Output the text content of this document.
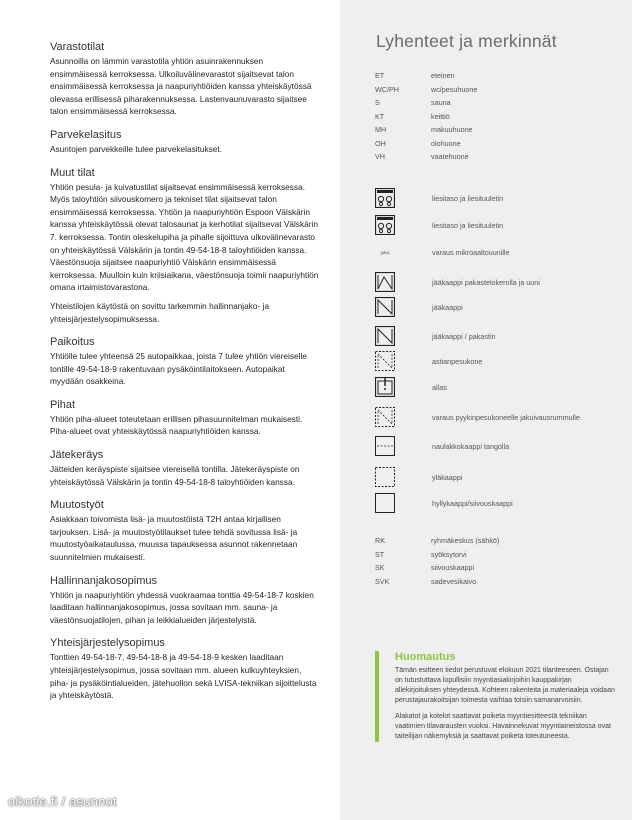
Varastotilat

Asunnoilla on lämmin varastotila yhtiön asuinrakennuksen ensimmäisessä kerroksessa. Ulkoiluvälinevarastot sijaitsevat talon ensimmäisessä kerroksessa ja naapuriyhtiöiden kanssa yhteiskäytössä olevassa erillisessä piharakennuksessa. Lastenvaunuvarasto sijaitsee talon ensimmäisessä kerroksessa.

Parvekelasitus

Asuntojen parvekkeille tulee parvekelasitukset.

Muut tilat

Yhtiön pesula- ja kuivatustilat sijaitsevat ensimmäisessä kerroksessa. Myös taloyhtiön siivouskomero ja tekniset tilat sijaitsevat talon ensimmäisessä kerroksessa. Yhtiön ja naapuriyhtiön Espoon Välskärin kanssa yhteiskäytössä olevat talosaunat ja kerhotilat sijaitsevat Välskärin 7. kerroksessa. Tontin oleskelupiha ja pihalle sijoittuva ulkovälinevarasto on yhteiskäytössä Välskärin ja tontin 49-54-18-8 taloyhtiöiden kanssa. Väestönsuoja sijaitsee naapuriyhtiö Välskärin ensimmäisessä kerroksessa. Muulloin kuin kriisiaikana, väestönsuoja toimii naapuriyhtiön omana irtaimistovarastona.

Yhteistilojen käytöstä on sovittu tarkemmin hallinnanjako- ja yhteisjärjestelysopimuksessa.

Paikoitus

Yhtiölle tulee yhteensä 25 autopaikkaa, joista 7 tulee yhtiön viereiselle tontille 49-54-18-9 rakentuvaan pysäköintilaitokseen. Autopaikat myydään osakkeina.

Pihat

Yhtiön piha-alueet toteutetaan erillisen pihasuunnitelman mukaisesti. Piha-alueet ovat yhteiskäytössä naapuriyhtiöiden kanssa.

Jätekeräys

Jätteiden keräyspiste sijaitsee viereisellä tontilla. Jätekeräyspiste on yhteiskäytössä Välskärin ja tontin 49-54-18-8 taloyhtiöiden kanssa.

Muutostyöt

Asiakkaan toivomista lisä- ja muutostöistä T2H antaa kirjallisen tarjouksen. Lisä- ja muutostyötilaukset tulee tehdä sovitussa lisä- ja muutostyöaikataulussa, muussa tapauksessa asunnot rakennetaan suunnitelmien mukaisesti.

Hallinnanjakosopimus

Yhtiön ja naapuriyhtiön yhdessä vuokraamaa tonttia 49-54-18-7 koskien laaditaan hallinnanjakosopimus, jossa sovitaan mm. sauna- ja väestönsuojatilojen, pihan ja leikkialueiden järjestelyistä.

Yhteisjärjestelysopimus

Tonttien 49-54-18-7, 49-54-18-8 ja 49-54-18-9 kesken laaditaan yhteisjärjestelysopimus, jossa sovitaan mm. alueen kulkuyhteyksien, piha- ja pysäköintialueiden, jätehuollon sekä LVISA-tekniikan sijoittelusta ja yhteiskäytöstä.

Lyhenteet ja merkinnät
ET	eteinen
WC/PH	wc/pesuhuone
S	sauna
KT	keittiö
MH	makuuhuone
OH	olohuone
VH	vaatehuone
liesitaso ja liesituuletin
liesitaso ja liesituuletin
(MU)	varaus mikroaaltouunille
jääkaappi pakastelokerolla ja uuni
jääkaappi
jääkaappi / pakastin
astianpesukone
allas
varaus pyykinpesukoneelle jakuivausrummulle
naulakkokaappi tangolla
yläkaappi
hyllykaappi/siivouskaappi
RK	ryhmäkeskus (sähkö)
ST	syöksytorvi
SK	siivouskaappi
SVK	sadevesikaivo
Huomautus

Tämän esitteen tiedot perustuvat elokuun 2021 tilanteeseen. Ostajan on tutustuttava lopullisiin myyntiasiakirjoihin kauppakirjan allekirjoituksen yhteydessä. Kohteen rakenteita ja materiaaleja voidaan perustajaurakoitsijan toimesta vaihtaa toisiin samanarvoisiin.

Alakatot ja kotelot saattavat poiketa myyntiesitteestä tekniikan vaatimien tilavarausten vuoksi. Havainnekuvat myyntiaineistossa ovat taiteilijan näkemyksiä ja saattavat poiketa toteutuneesta.

oikotie.fi / asunnot
